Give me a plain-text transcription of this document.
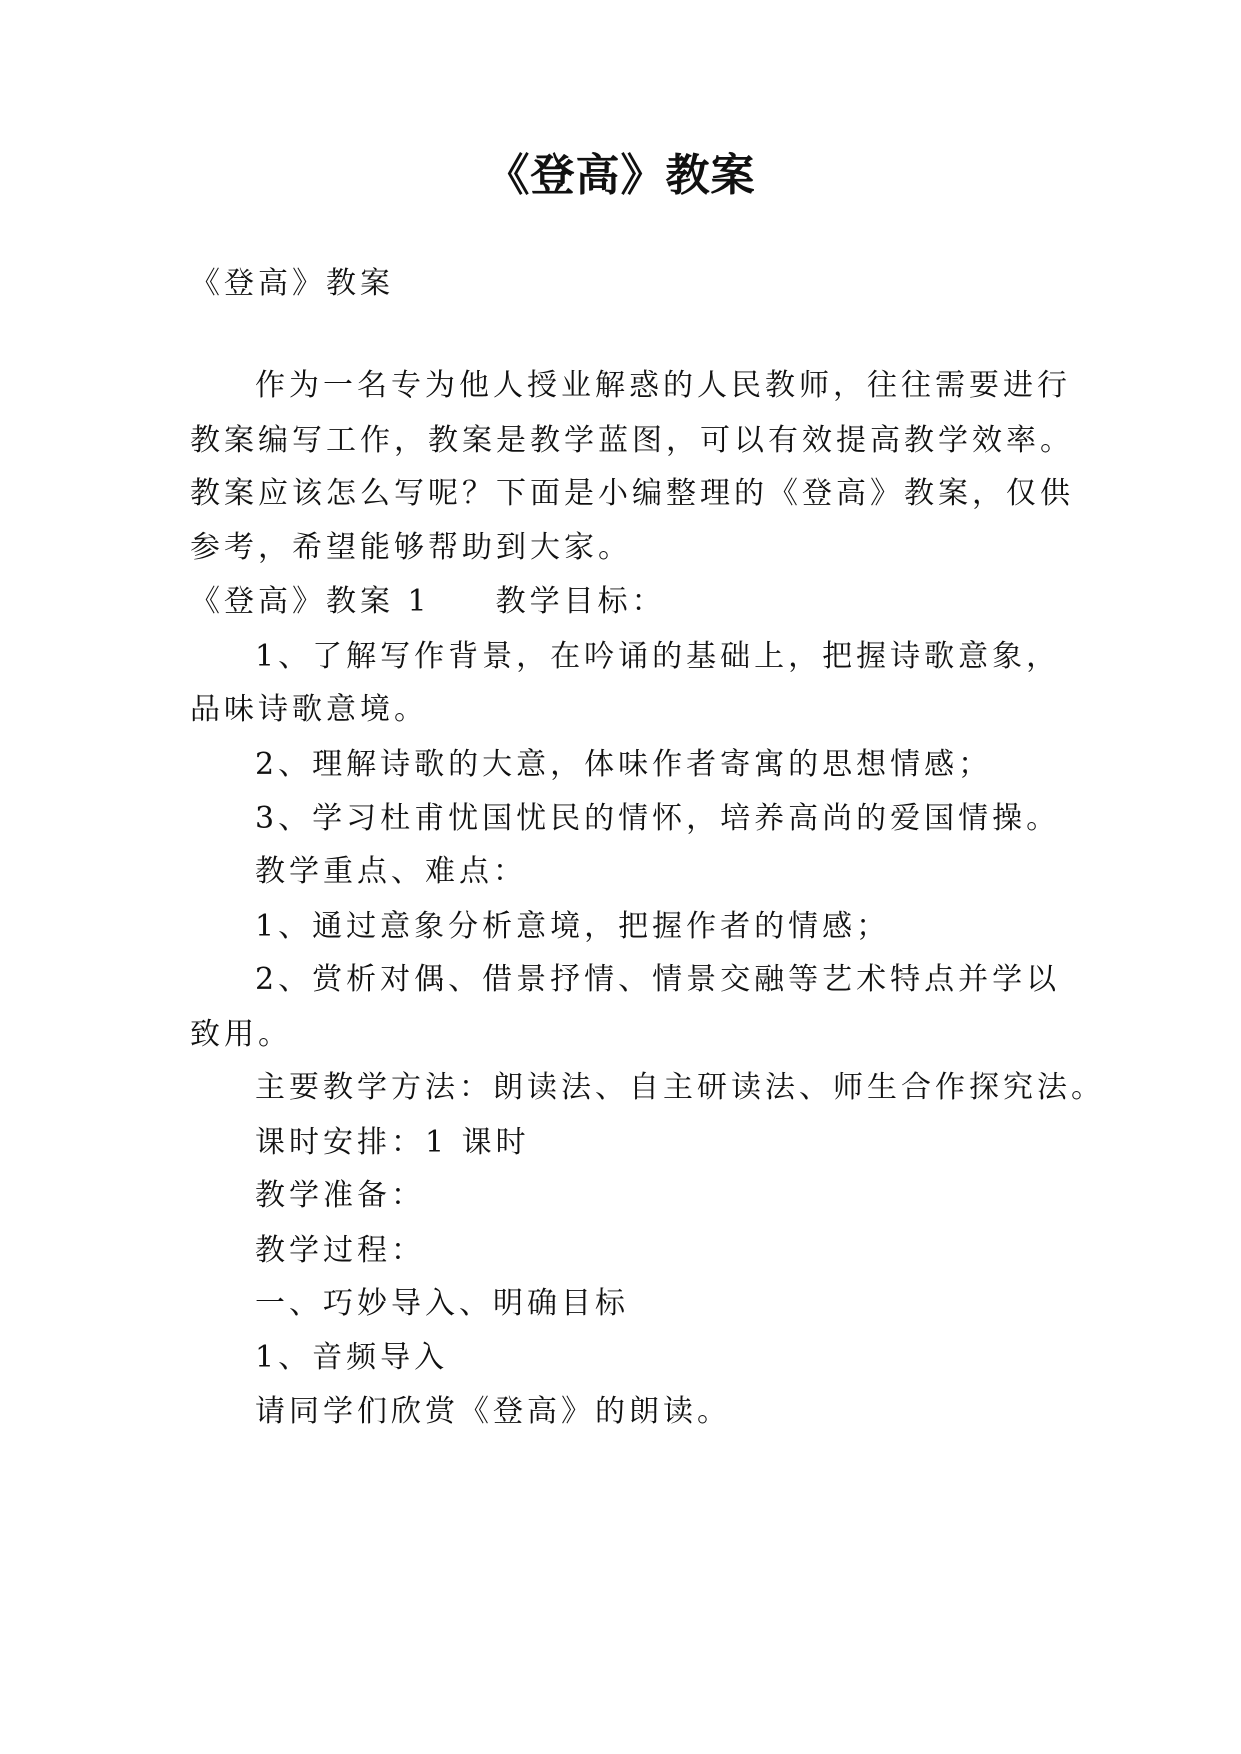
《登高》教案
《登高》教案
作为一名专为他人授业解惑的人民教师，往往需要进行
教案编写工作，教案是教学蓝图，可以有效提高教学效率。
教案应该怎么写呢？下面是小编整理的《登高》教案，仅供
参考，希望能够帮助到大家。
《登高》教案 1 教学目标：
1、了解写作背景，在吟诵的基础上，把握诗歌意象，
品味诗歌意境。
2、理解诗歌的大意，体味作者寄寓的思想情感；
3、学习杜甫忧国忧民的情怀，培养高尚的爱国情操。
教学重点、难点：
1、通过意象分析意境，把握作者的情感；
2、赏析对偶、借景抒情、情景交融等艺术特点并学以
致用。
主要教学方法：朗读法、自主研读法、师生合作探究法。
课时安排：1 课时
教学准备：
教学过程：
一、巧妙导入、明确目标
1、音频导入
请同学们欣赏《登高》的朗读。
